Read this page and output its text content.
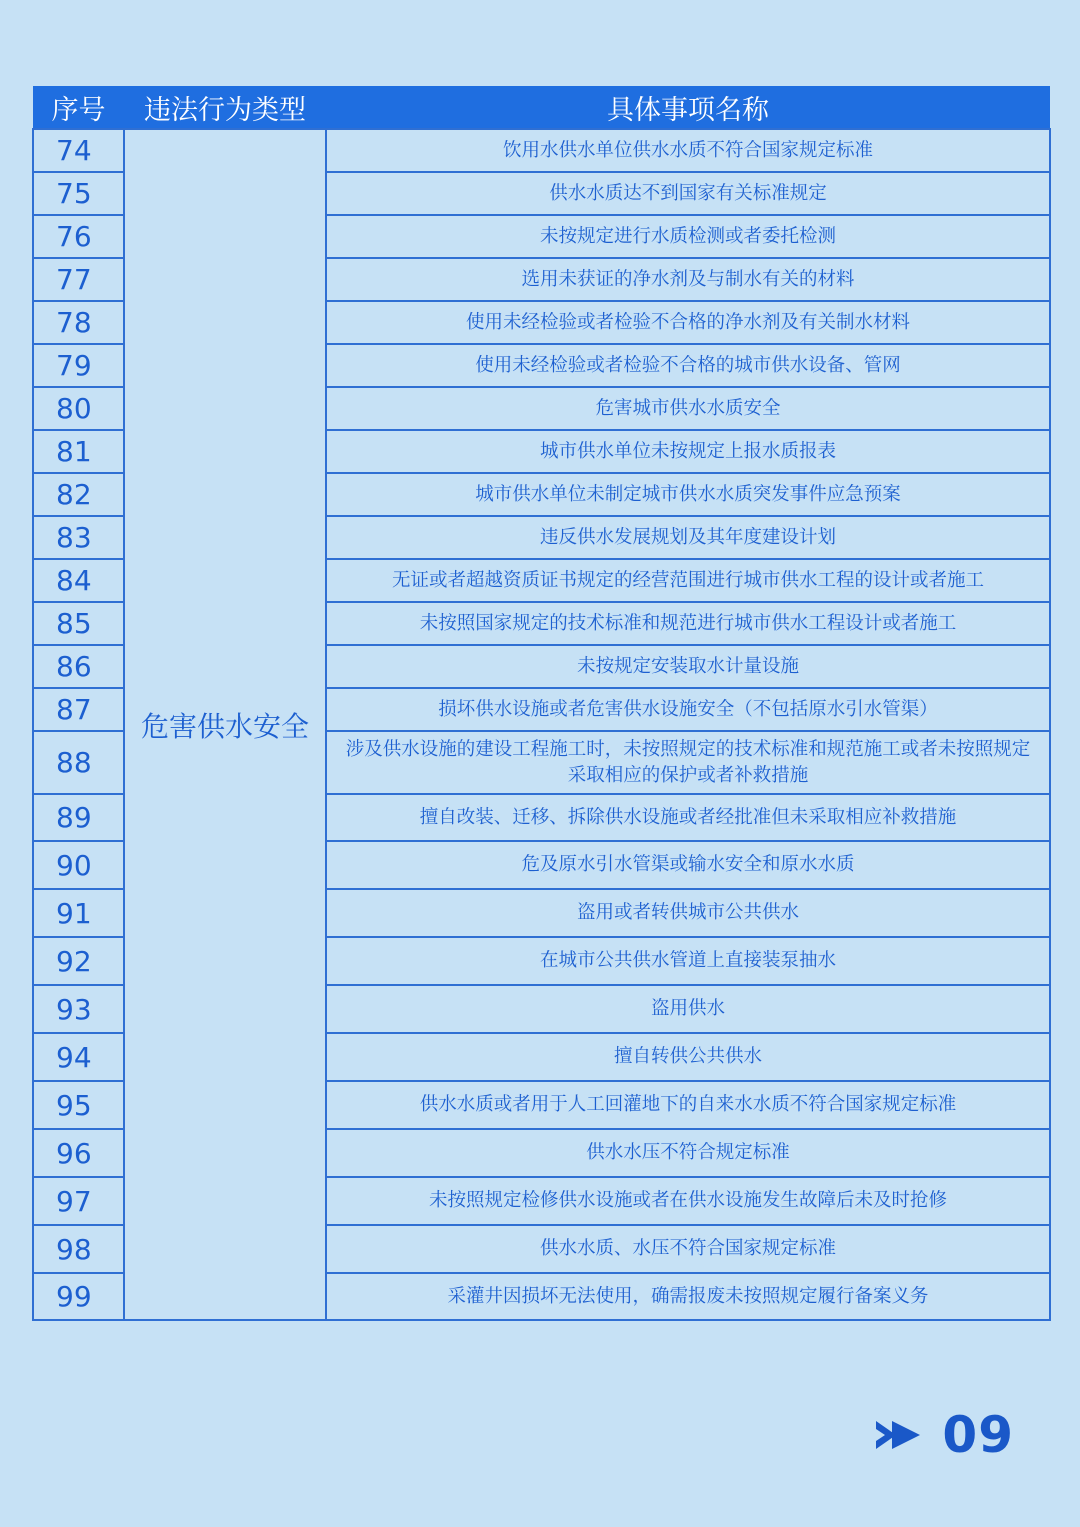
序号	违法行为类型	具体事项名称
74	危害供水安全	饮用水供水单位供水水质不符合国家规定标准
75		供水水质达不到国家有关标准规定
76		未按规定进行水质检测或者委托检测
77		选用未获证的净水剂及与制水有关的材料
78		使用未经检验或者检验不合格的净水剂及有关制水材料
79		使用未经检验或者检验不合格的城市供水设备、管网
80		危害城市供水水质安全
81		城市供水单位未按规定上报水质报表
82		城市供水单位未制定城市供水水质突发事件应急预案
83		违反供水发展规划及其年度建设计划
84		无证或者超越资质证书规定的经营范围进行城市供水工程的设计或者施工
85		未按照国家规定的技术标准和规范进行城市供水工程设计或者施工
86		未按规定安装取水计量设施
87		损坏供水设施或者危害供水设施安全（不包括原水引水管渠）
88		涉及供水设施的建设工程施工时，未按照规定的技术标准和规范施工或者未按照规定采取相应的保护或者补救措施
89		擅自改装、迁移、拆除供水设施或者经批准但未采取相应补救措施
90		危及原水引水管渠或输水安全和原水水质
91		盗用或者转供城市公共供水
92		在城市公共供水管道上直接装泵抽水
93		盗用供水
94		擅自转供公共供水
95		供水水质或者用于人工回灌地下的自来水水质不符合国家规定标准
96		供水水压不符合规定标准
97		未按照规定检修供水设施或者在供水设施发生故障后未及时抢修
98		供水水质、水压不符合国家规定标准
99		采灌井因损坏无法使用，确需报废未按照规定履行备案义务
09
